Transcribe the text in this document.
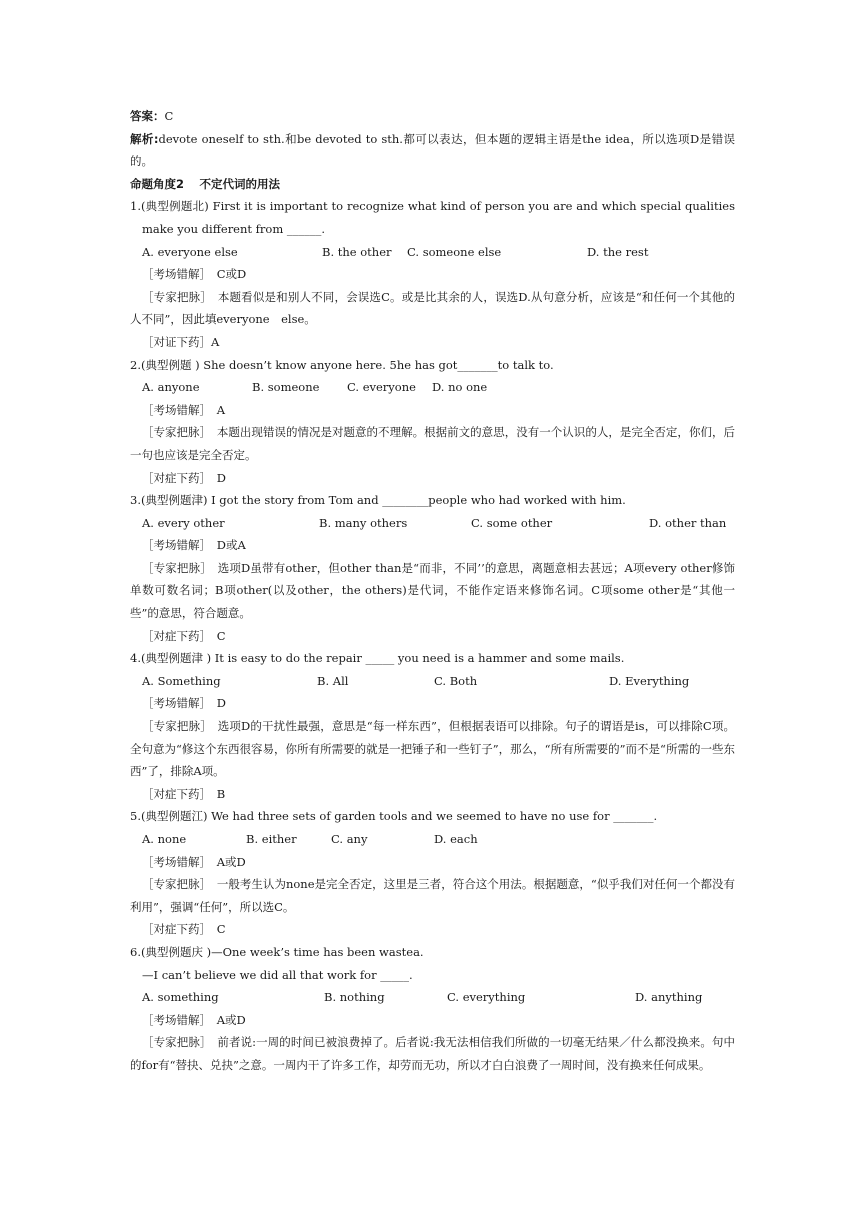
答案：C
解析:devote oneself to sth.和be devoted to sth.都可以表达，但本题的逻辑主语是the idea，所以选项D是错误的。
命题角度2　 不定代词的用法
1.(典型例题北) First it is important to recognize what kind of person you are and which special qualities make you different from ______.
A. everyone else	B. the other	C. someone else	D. the rest
［考场错解］　C或D
［专家把脉］　本题看似是和别人不同，会误选C。或是比其余的人，误选D.从句意分析，应该是“和任何一个其他的人不同”，因此填everyone　else。
［对证下药］A
2.(典型例题 ) She doesn’t know anyone here. 5he has got_______to talk to.
A. anyone	B. someone	C. everyone	D. no one
［考场错解］　A
［专家把脉］　本题出现错误的情况是对题意的不理解。根据前文的意思，没有一个认识的人，是完全否定，你们，后一句也应该是完全否定。
［对症下药］　D
3.(典型例题津) I got the story from Tom and ________people who had worked with him.
A. every other	B. many others	C. some other	D. other than
［考场错解］　D或A
［专家把脉］　选项D虽带有other，但other than是“而非，不同’’的意思，离题意相去甚远；A项every other修饰单数可数名词；B项other(以及other，the others)是代词，不能作定语来修饰名词。C项some other是“其他一些”的意思，符合题意。
［对症下药］　C
4.(典型例题津 ) It is easy to do the repair _____ you need is a hammer and some mails.
A. Something	B. All	C. Both	D. Everything
［考场错解］　D
［专家把脉］　选项D的干扰性最强，意思是“每一样东西”，但根据表语可以排除。句子的谓语是is，可以排除C项。全句意为“修这个东西很容易，你所有所需要的就是一把锤子和一些钉子”，那么，“所有所需要的”而不是“所需的一些东西”了，排除A项。
［对症下药］　B
5.(典型例题江) We had three sets of garden tools and we seemed to have no use for _______.
A. none	B. either	C. any	D. each
［考场错解］　A或D
［专家把脉］　一般考生认为none是完全否定，这里是三者，符合这个用法。根据题意，“似乎我们对任何一个都没有利用”，强调“任何”，所以选C。
［对症下药］　C
6.(典型例题庆 )—One week’s time has been wastea.
—I can’t believe we did all that work for _____.
A. something	B. nothing	C. everything	D. anything
［考场错解］　A或D
［专家把脉］　前者说:一周的时间已被浪费掉了。后者说:我无法相信我们所做的一切毫无结果／什么都没换来。句中的for有“替抉、兑抉”之意。一周内干了许多工作，却劳而无功，所以才白白浪费了一周时间，没有换来任何成果。
